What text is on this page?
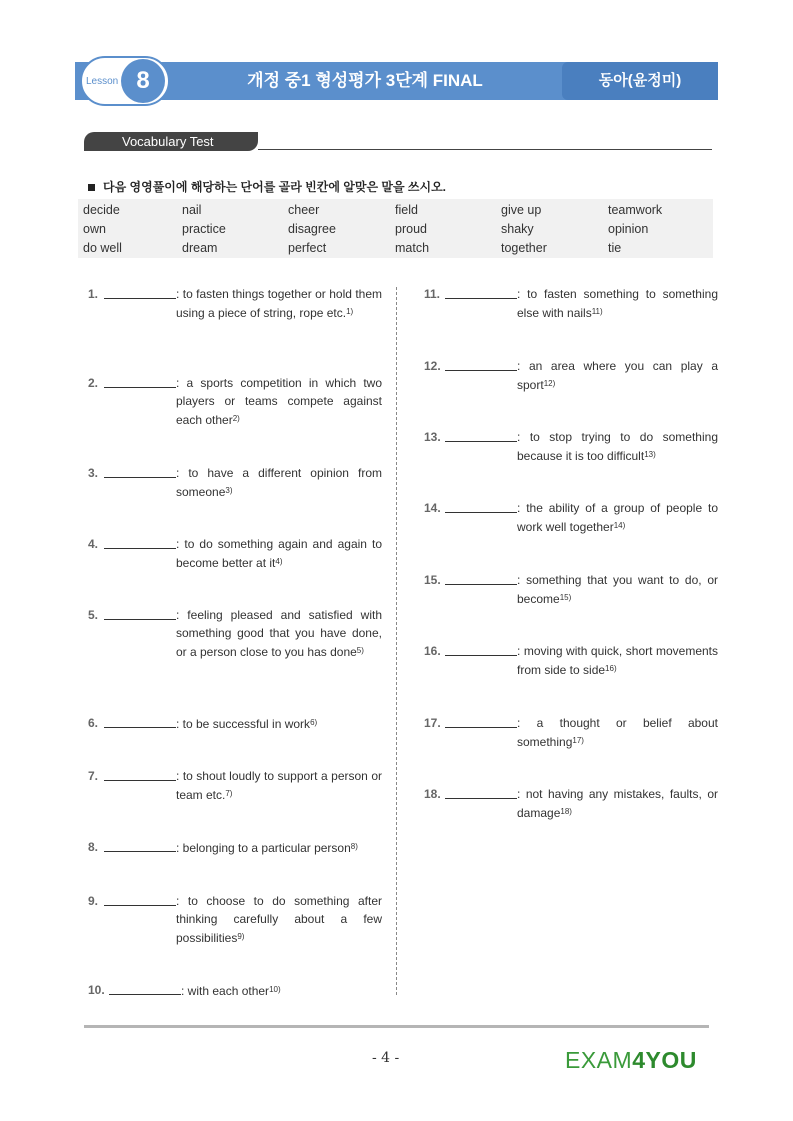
Lesson 8	개정 중1 형성평가 3단계 FINAL	동아(윤정미)
Vocabulary Test
다음 영영풀이에 해당하는 단어를 골라 빈칸에 알맞은 말을 쓰시오.
decide	nail	cheer	field	give up	teamwork
own	practice	disagree	proud	shaky	opinion
do well	dream	perfect	match	together	tie
1.	: to fasten things together or hold them using a piece of string, rope etc.$^{1)}$
2.	: a sports competition in which two players or teams compete against each other$^{2)}$
3.	: to have a different opinion from someone$^{3)}$
4.	: to do something again and again to become better at $it^{4)}$
5.	: feeling pleased and satisfied with something good that you have done, or a person close to you has done$^{5)}$
6.	: to be successful in work$^{6)}$
7.	: to shout loudly to support a person or team etc.$^{7)}$
8.	: belonging to a particular person$^{8)}$
9.	: to choose to do something after thinking carefully about a few possibilities$^{9)}$
10.	: with each other$^{10)}$
11.	: to fasten something to something else with nails$^{11)}$
12.	: an area where you can play a sport$^{12)}$
13.	: to stop trying to do something because it is too difficult$^{13)}$
14.	: the ability of a group of people to work well together$^{14)}$
15.	: something that you want to do, or become$^{15)}$
16.	: moving with quick, short movements from side to side$^{16)}$
17.	: a thought or belief about something$^{17)}$
18.	: not having any mistakes, faults, or damage$^{18)}$
- 4 -	EXAM4YOU
